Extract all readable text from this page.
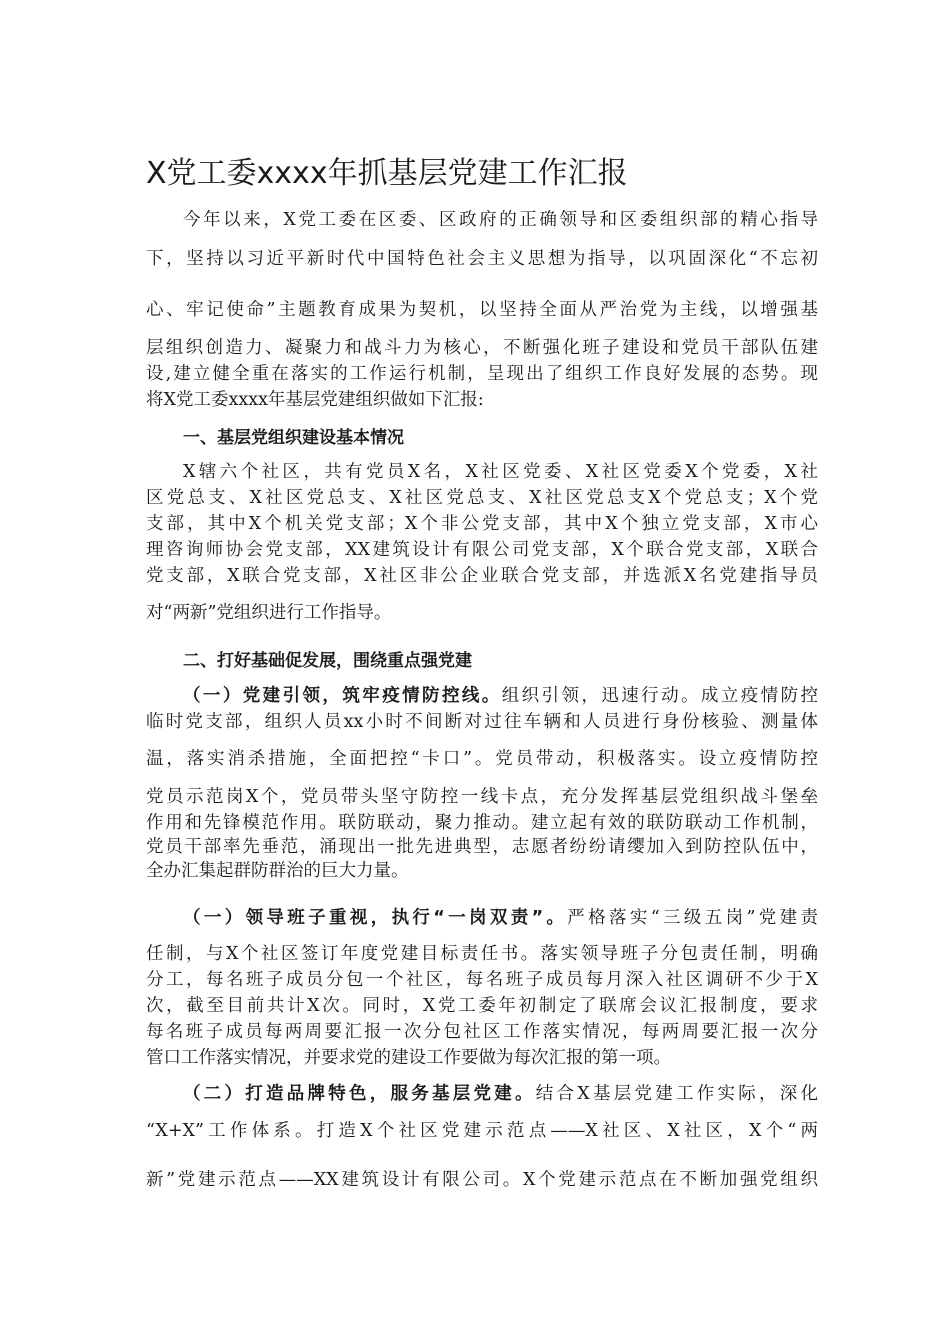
X党工委xxxx年抓基层党建工作汇报
今年以来，X党工委在区委、区政府的正确领导和区委组织部的精心指导
下，坚持以习近平新时代中国特色社会主义思想为指导，以巩固深化“不忘初
心、牢记使命”主题教育成果为契机，以坚持全面从严治党为主线，以增强基
层组织创造力、凝聚力和战斗力为核心，不断强化班子建设和党员干部队伍建
设,建立健全重在落实的工作运行机制，呈现出了组织工作良好发展的态势。现
将X党工委xxxx年基层党建组织做如下汇报:
一、基层党组织建设基本情况
X辖六个社区，共有党员X名，X社区党委、X社区党委X个党委，X社
区党总支、X社区党总支、X社区党总支、X社区党总支X个党总支；X个党
支部，其中X个机关党支部；X个非公党支部，其中X个独立党支部，X市心
理咨询师协会党支部，XX建筑设计有限公司党支部，X个联合党支部，X联合
党支部，X联合党支部，X社区非公企业联合党支部，并选派X名党建指导员
对“两新”党组织进行工作指导。
二、打好基础促发展，围绕重点强党建
（一）党建引领，筑牢疫情防控线。组织引领，迅速行动。成立疫情防控
临时党支部，组织人员xx小时不间断对过往车辆和人员进行身份核验、测量体
温，落实消杀措施，全面把控“卡口”。党员带动，积极落实。设立疫情防控
党员示范岗X个，党员带头坚守防控一线卡点，充分发挥基层党组织战斗堡垒
作用和先锋模范作用。联防联动，聚力推动。建立起有效的联防联动工作机制，
党员干部率先垂范，涌现出一批先进典型，志愿者纷纷请缨加入到防控队伍中，
全办汇集起群防群治的巨大力量。
（一）领导班子重视，执行“一岗双责”。严格落实“三级五岗”党建责
任制，与X个社区签订年度党建目标责任书。落实领导班子分包责任制，明确
分工，每名班子成员分包一个社区，每名班子成员每月深入社区调研不少于X
次，截至目前共计X次。同时，X党工委年初制定了联席会议汇报制度，要求
每名班子成员每两周要汇报一次分包社区工作落实情况，每两周要汇报一次分
管口工作落实情况，并要求党的建设工作要做为每次汇报的第一项。
（二）打造品牌特色，服务基层党建。结合X基层党建工作实际，深化
“X+X”工作体系。打造X个社区党建示范点——X社区、X社区，X个“两
新”党建示范点——XX建筑设计有限公司。X个党建示范点在不断加强党组织
